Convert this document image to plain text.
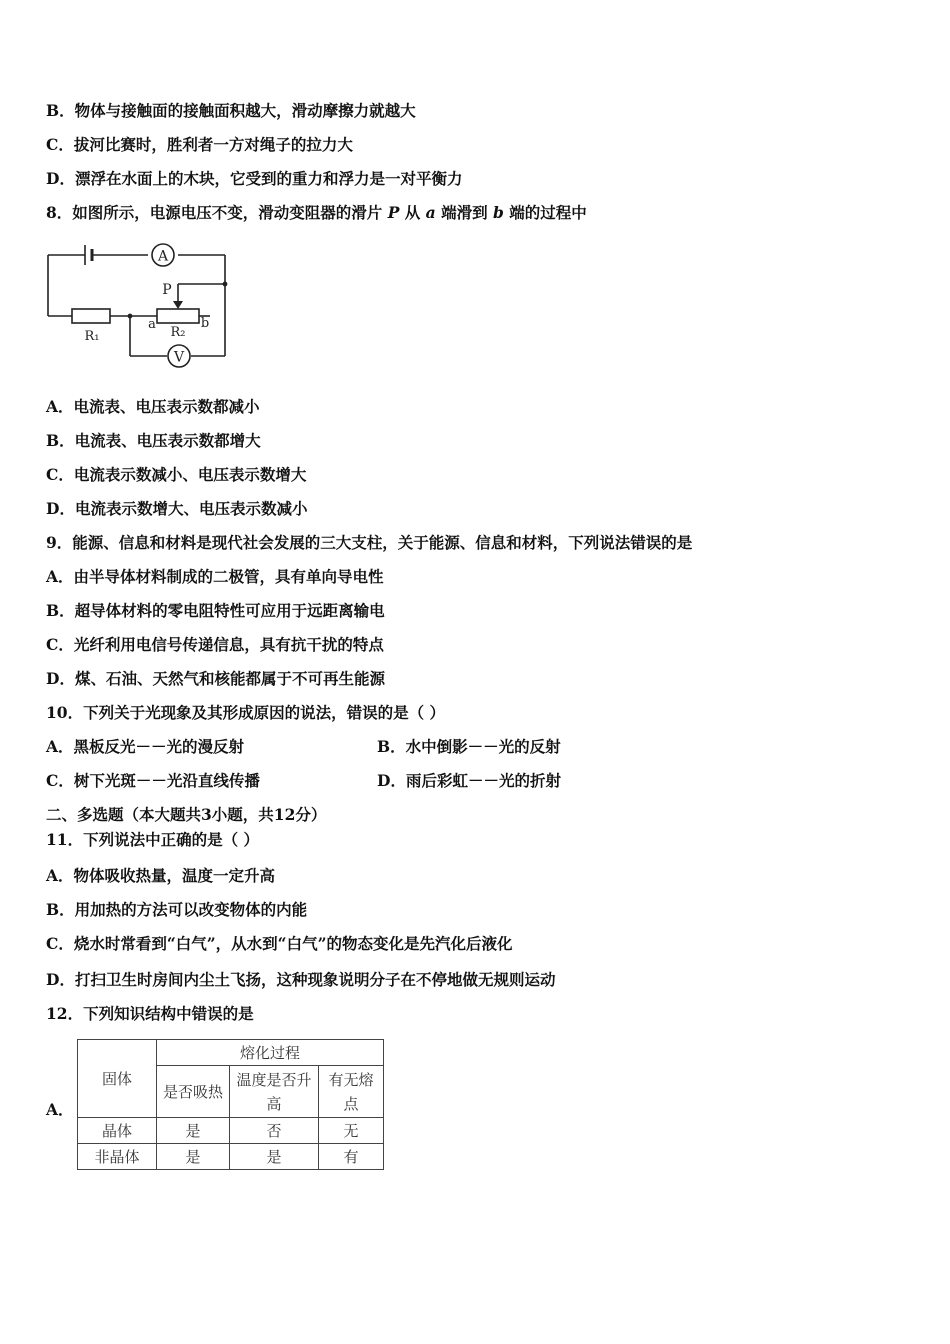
B．物体与接触面的接触面积越大，滑动摩擦力就越大
C．拔河比赛时，胜利者一方对绳子的拉力大
D．漂浮在水面上的木块，它受到的重力和浮力是一对平衡力
8．如图所示，电源电压不变，滑动变阻器的滑片 P 从 a 端滑到 b 端的过程中
A
R₁	R₂
P
a	b
V
A．电流表、电压表示数都减小
B．电流表、电压表示数都增大
C．电流表示数减小、电压表示数增大
D．电流表示数增大、电压表示数减小
9．能源、信息和材料是现代社会发展的三大支柱，关于能源、信息和材料，下列说法错误的是
A．由半导体材料制成的二极管，具有单向导电性
B．超导体材料的零电阻特性可应用于远距离输电
C．光纤利用电信号传递信息，具有抗干扰的特点
D．煤、石油、天然气和核能都属于不可再生能源
10．下列关于光现象及其形成原因的说法，错误的是（ ）
A．黑板反光－－光的漫反射	B．水中倒影－－光的反射
C．树下光斑－－光沿直线传播	D．雨后彩虹－－光的折射
二、多选题（本大题共3小题，共12分）
11．下列说法中正确的是（ ）
A．物体吸收热量，温度一定升高
B．用加热的方法可以改变物体的内能
C．烧水时常看到“白气”，从水到“白气”的物态变化是先汽化后液化
D．打扫卫生时房间内尘土飞扬，这种现象说明分子在不停地做无规则运动
12．下列知识结构中错误的是
A．
固体	熔化过程		
	是否吸热	温度是否升高	有无熔点
晶体	是	否	无
非晶体	是	是	有
